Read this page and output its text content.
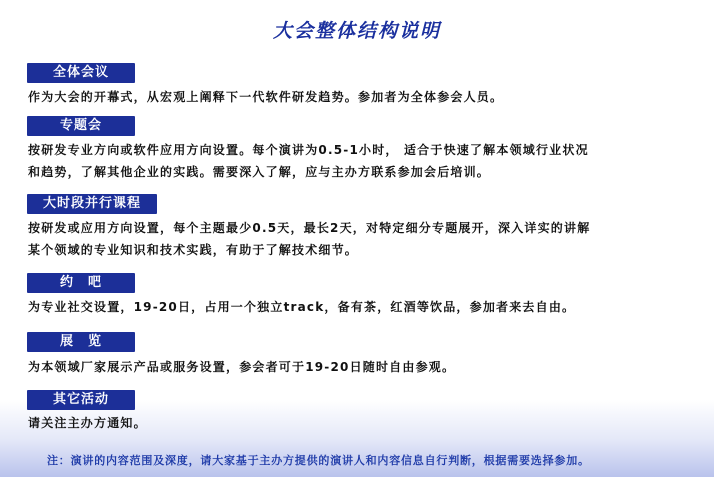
大会整体结构说明
全体会议

作为大会的开幕式，从宏观上阐释下一代软件研发趋势。参加者为全体参会人员。

专题会

按研发专业方向或软件应用方向设置。每个演讲为0.5-1小时， 适合于快速了解本领域行业状况
和趋势，了解其他企业的实践。需要深入了解，应与主办方联系参加会后培训。

大时段并行课程

按研发或应用方向设置，每个主题最少0.5天，最长2天，对特定细分专题展开，深入详实的讲解
某个领域的专业知识和技术实践，有助于了解技术细节。

约　吧

为专业社交设置，19-20日，占用一个独立track，备有茶，红酒等饮品，参加者来去自由。

展　览

为本领域厂家展示产品或服务设置，参会者可于19-20日随时自由参观。

其它活动

请关注主办方通知。

注：演讲的内容范围及深度，请大家基于主办方提供的演讲人和内容信息自行判断，根据需要选择参加。
